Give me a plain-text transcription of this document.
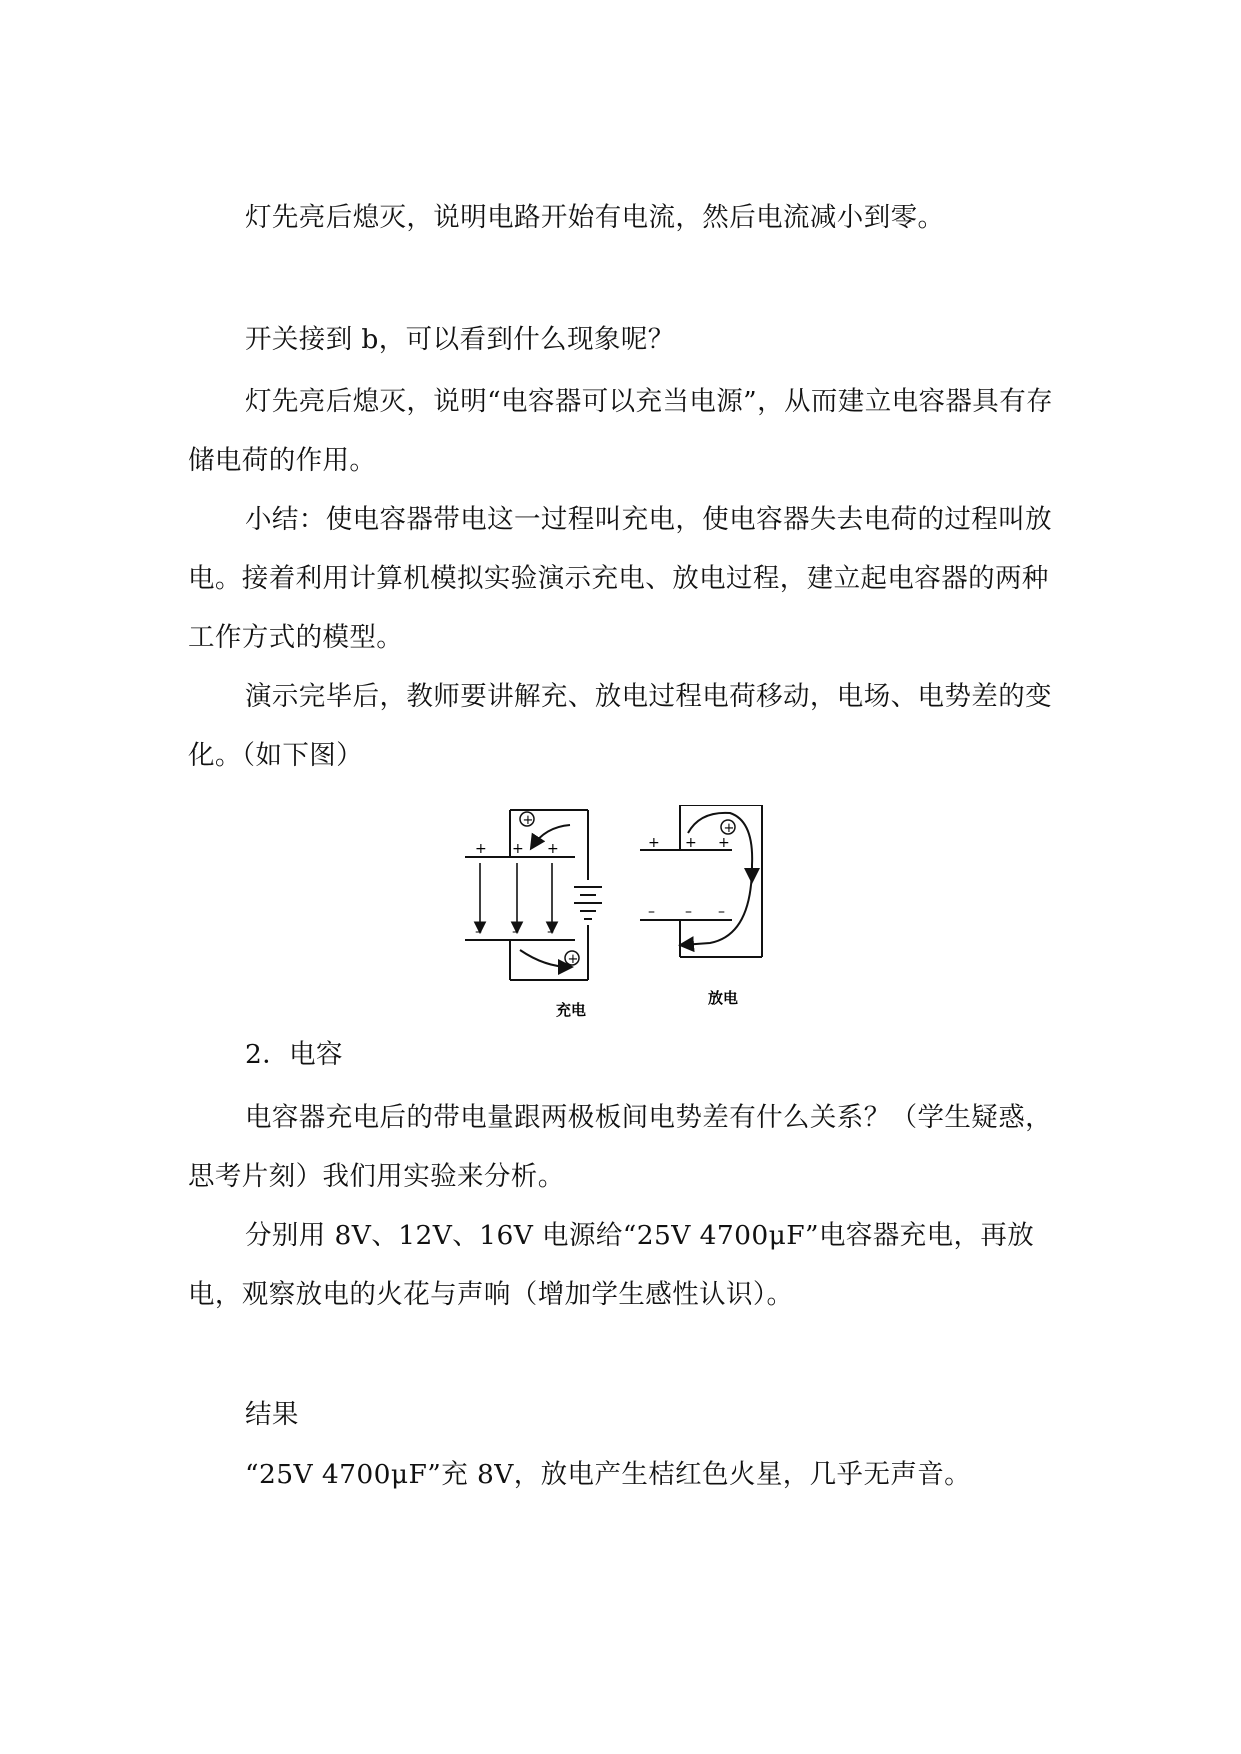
灯先亮后熄灭，说明电路开始有电流，然后电流减小到零。

开关接到 b，可以看到什么现象呢？

灯先亮后熄灭，说明“电容器可以充当电源”，从而建立电容器具有存储电荷的作用。

小结：使电容器带电这一过程叫充电，使电容器失去电荷的过程叫放电。接着利用计算机模拟实验演示充电、放电过程，建立起电容器的两种工作方式的模型。

演示完毕后，教师要讲解充、放电过程电荷移动，电场、电势差的变化。（如下图）

+ + +
– – –
+
+
充电
+ + +
– – –
+
放电

2．电容

电容器充电后的带电量跟两极板间电势差有什么关系？（学生疑惑，思考片刻）我们用实验来分析。

分别用 8V、12V、16V 电源给“25V 4700μF”电容器充电，再放电，观察放电的火花与声响（增加学生感性认识）。

结果

“25V 4700μF”充 8V，放电产生桔红色火星，几乎无声音。
